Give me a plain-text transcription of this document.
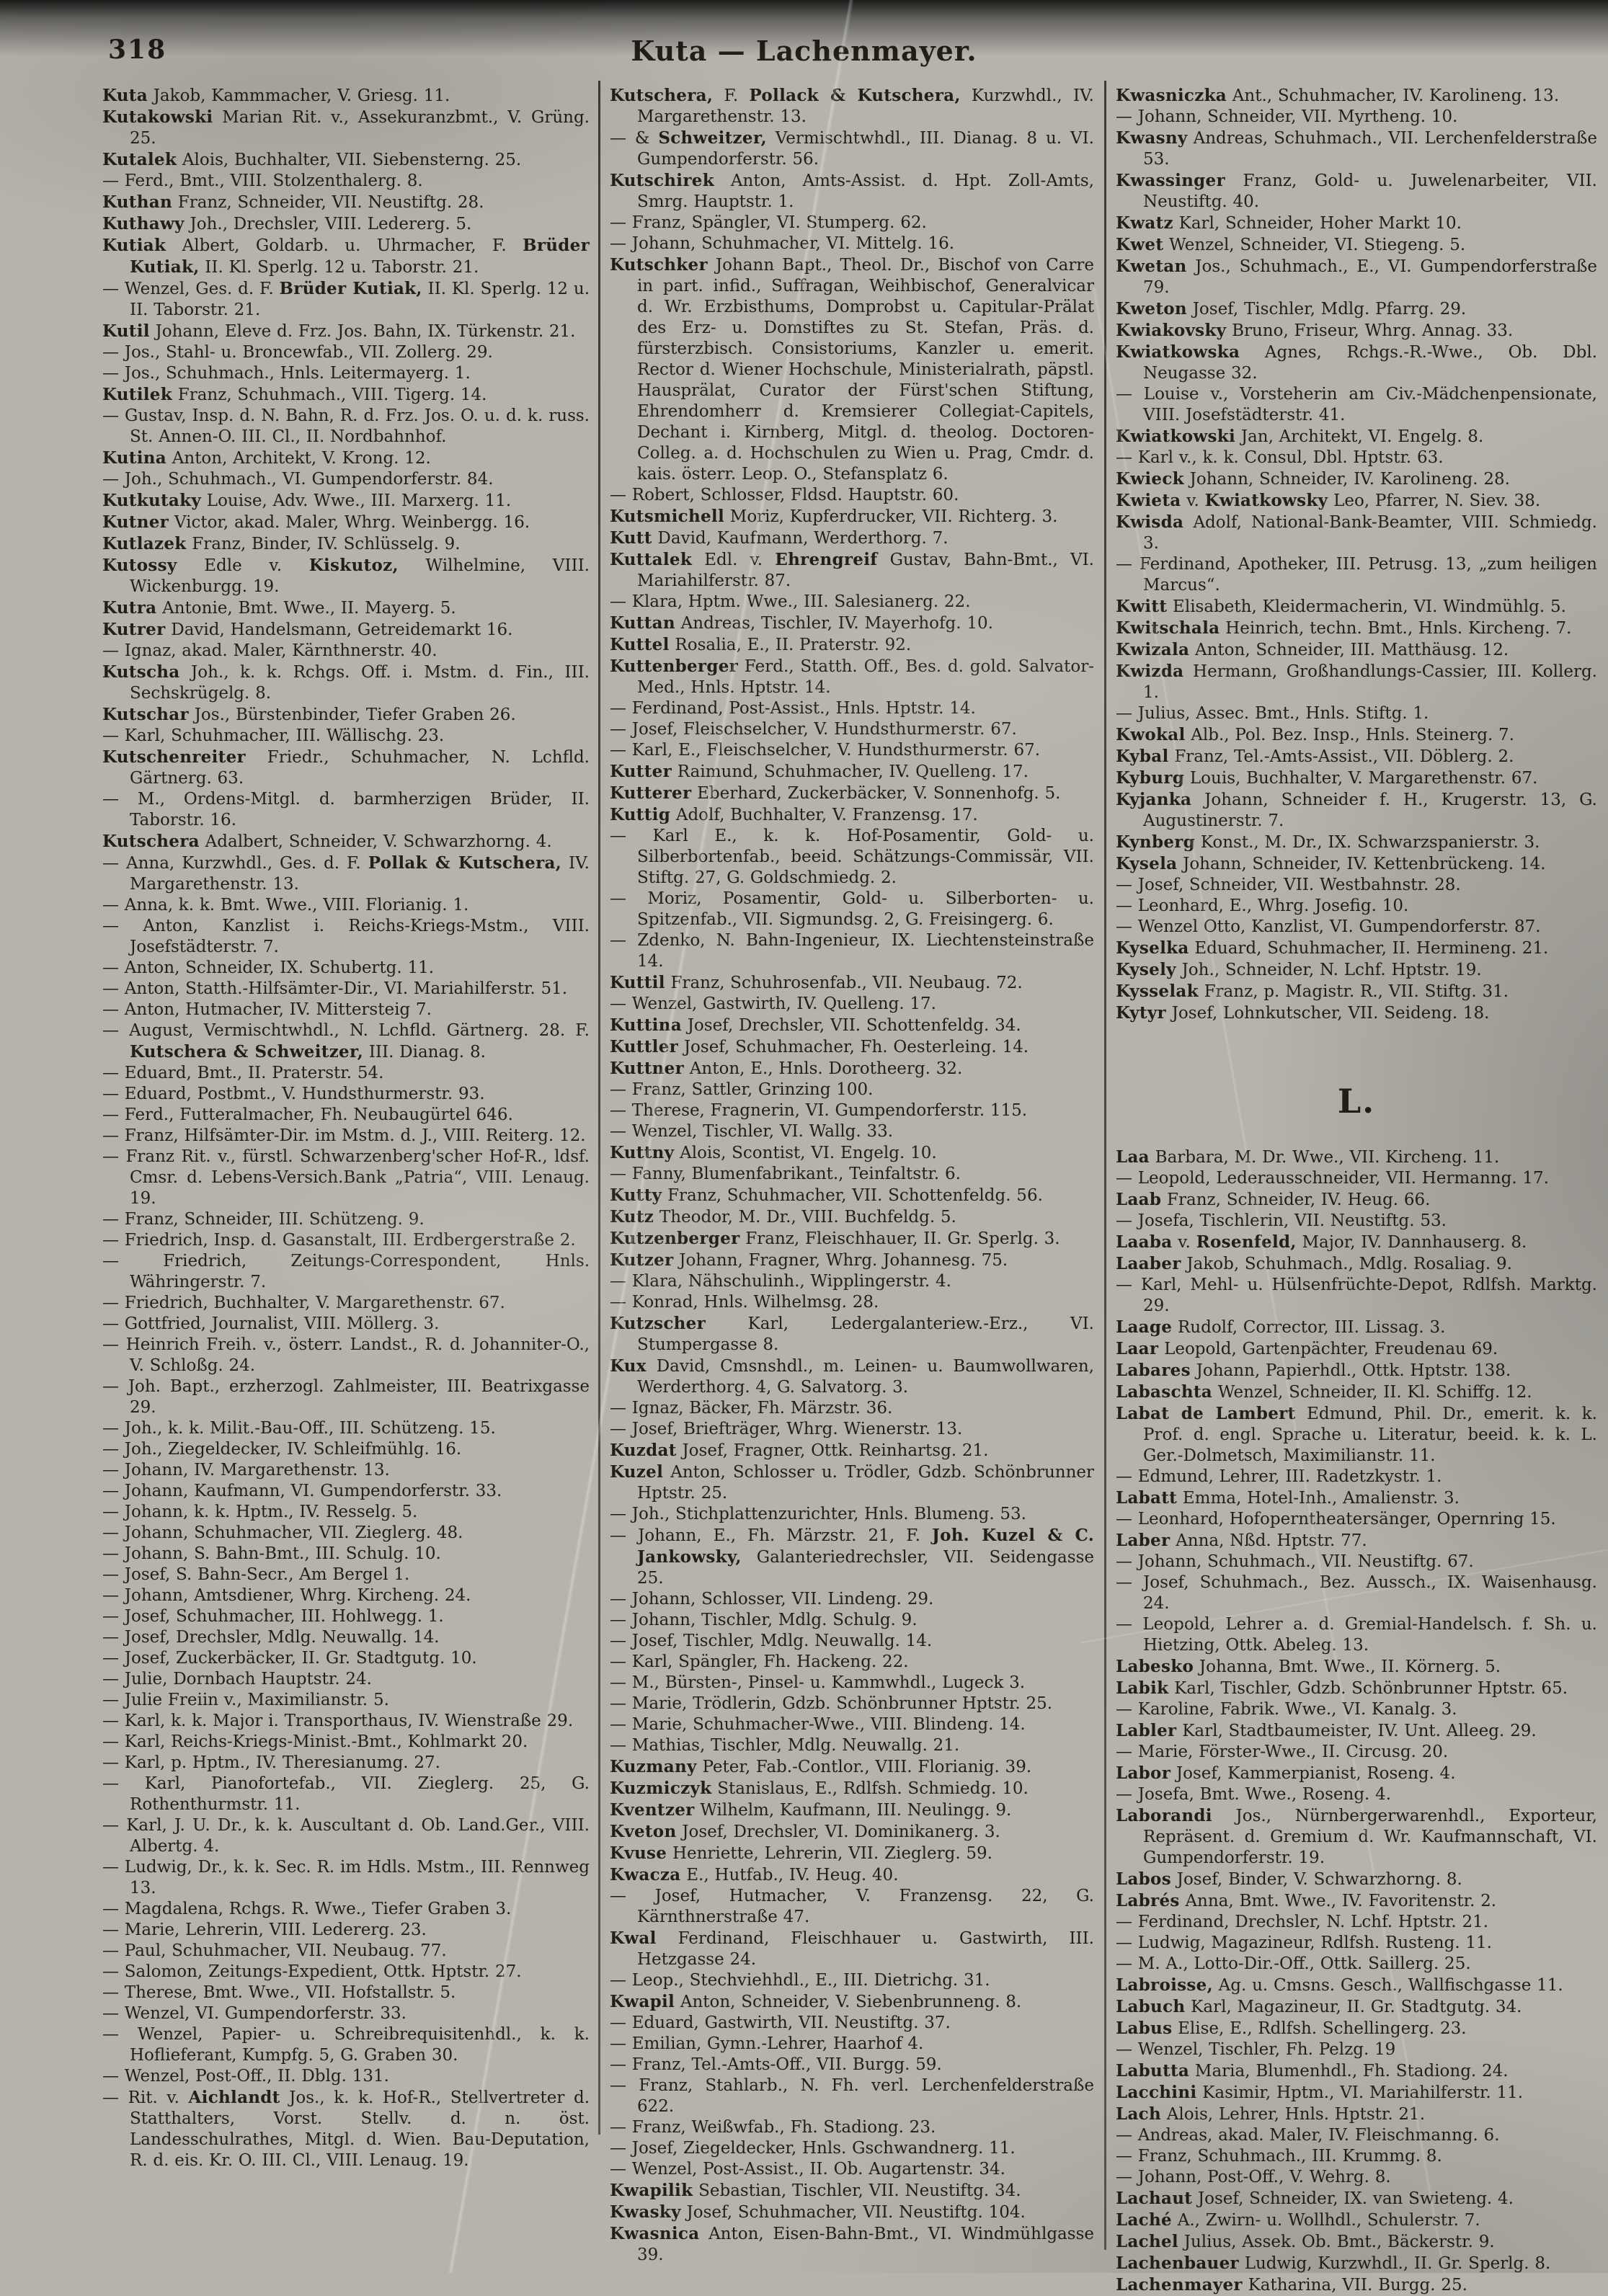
318	Kuta — Lachenmayer.

Kuta Jakob, Kammmacher, V. Griesg. 11.

Kutakowski Marian Rit. v., Assekuranzbmt., V. Grüng. 25.

Kutalek Alois, Buchhalter, VII. Siebensterng. 25.

— Ferd., Bmt., VIII. Stolzenthalerg. 8.

Kuthan Franz, Schneider, VII. Neustiftg. 28.

Kuthawy Joh., Drechsler, VIII. Ledererg. 5.

Kutiak Albert, Goldarb. u. Uhrmacher, F. Brüder Kutiak, II. Kl. Sperlg. 12 u. Taborstr. 21.

— Wenzel, Ges. d. F. Brüder Kutiak, II. Kl. Sperlg. 12 u. II. Taborstr. 21.

Kutil Johann, Eleve d. Frz. Jos. Bahn, IX. Türkenstr. 21.

— Jos., Stahl- u. Broncewfab., VII. Zollerg. 29.

— Jos., Schuhmach., Hnls. Leitermayerg. 1.

Kutilek Franz, Schuhmach., VIII. Tigerg. 14.

— Gustav, Insp. d. N. Bahn, R. d. Frz. Jos. O. u. d. k. russ. St. Annen-O. III. Cl., II. Nordbahnhof.

Kutina Anton, Architekt, V. Krong. 12.

— Joh., Schuhmach., VI. Gumpendorferstr. 84.

Kutkutaky Louise, Adv. Wwe., III. Marxerg. 11.

Kutner Victor, akad. Maler, Whrg. Weinbergg. 16.

Kutlazek Franz, Binder, IV. Schlüsselg. 9.

Kutossy Edle v. Kiskutoz, Wilhelmine, VIII. Wickenburgg. 19.

Kutra Antonie, Bmt. Wwe., II. Mayerg. 5.

Kutrer David, Handelsmann, Getreidemarkt 16.

— Ignaz, akad. Maler, Kärnthnerstr. 40.

Kutscha Joh., k. k. Rchgs. Off. i. Mstm. d. Fin., III. Sechskrügelg. 8.

Kutschar Jos., Bürstenbinder, Tiefer Graben 26.

— Karl, Schuhmacher, III. Wällischg. 23.

Kutschenreiter Friedr., Schuhmacher, N. Lchfld. Gärtnerg. 63.

— M., Ordens-Mitgl. d. barmherzigen Brüder, II. Taborstr. 16.

Kutschera Adalbert, Schneider, V. Schwarzhorng. 4.

— Anna, Kurzwhdl., Ges. d. F. Pollak & Kutschera, IV. Margarethenstr. 13.

— Anna, k. k. Bmt. Wwe., VIII. Florianig. 1.

— Anton, Kanzlist i. Reichs-Kriegs-Mstm., VIII. Josefstädterstr. 7.

— Anton, Schneider, IX. Schubertg. 11.

— Anton, Statth.-Hilfsämter-Dir., VI. Mariahilferstr. 51.

— Anton, Hutmacher, IV. Mittersteig 7.

— August, Vermischtwhdl., N. Lchfld. Gärtnerg. 28. F. Kutschera & Schweitzer, III. Dianag. 8.

— Eduard, Bmt., II. Praterstr. 54.

— Eduard, Postbmt., V. Hundsthurmerstr. 93.

— Ferd., Futteralmacher, Fh. Neubaugürtel 646.

— Franz, Hilfsämter-Dir. im Mstm. d. J., VIII. Reiterg. 12.

— Franz Rit. v., fürstl. Schwarzenberg'scher Hof-R., ldsf. Cmsr. d. Lebens-Versich.Bank „Patria“, VIII. Lenaug. 19.

— Franz, Schneider, III. Schützeng. 9.

— Friedrich, Insp. d. Gasanstalt, III. Erdbergerstraße 2.

— Friedrich, Zeitungs-Correspondent, Hnls. Währingerstr. 7.

— Friedrich, Buchhalter, V. Margarethenstr. 67.

— Gottfried, Journalist, VIII. Möllerg. 3.

— Heinrich Freih. v., österr. Landst., R. d. Johanniter-O., V. Schloßg. 24.

— Joh. Bapt., erzherzogl. Zahlmeister, III. Beatrixgasse 29.

— Joh., k. k. Milit.-Bau-Off., III. Schützeng. 15.

— Joh., Ziegeldecker, IV. Schleifmühlg. 16.

— Johann, IV. Margarethenstr. 13.

— Johann, Kaufmann, VI. Gumpendorferstr. 33.

— Johann, k. k. Hptm., IV. Resselg. 5.

— Johann, Schuhmacher, VII. Zieglerg. 48.

— Johann, S. Bahn-Bmt., III. Schulg. 10.

— Josef, S. Bahn-Secr., Am Bergel 1.

— Johann, Amtsdiener, Whrg. Kircheng. 24.

— Josef, Schuhmacher, III. Hohlwegg. 1.

— Josef, Drechsler, Mdlg. Neuwallg. 14.

— Josef, Zuckerbäcker, II. Gr. Stadtgutg. 10.

— Julie, Dornbach Hauptstr. 24.

— Julie Freiin v., Maximilianstr. 5.

— Karl, k. k. Major i. Transporthaus, IV. Wienstraße 29.

— Karl, Reichs-Kriegs-Minist.-Bmt., Kohlmarkt 20.

— Karl, p. Hptm., IV. Theresianumg. 27.

— Karl, Pianofortefab., VII. Zieglerg. 25, G. Rothenthurmstr. 11.

— Karl, J. U. Dr., k. k. Auscultant d. Ob. Land.Ger., VIII. Albertg. 4.

— Ludwig, Dr., k. k. Sec. R. im Hdls. Mstm., III. Rennweg 13.

— Magdalena, Rchgs. R. Wwe., Tiefer Graben 3.

— Marie, Lehrerin, VIII. Ledererg. 23.

— Paul, Schuhmacher, VII. Neubaug. 77.

— Salomon, Zeitungs-Expedient, Ottk. Hptstr. 27.

— Therese, Bmt. Wwe., VII. Hofstallstr. 5.

— Wenzel, VI. Gumpendorferstr. 33.

— Wenzel, Papier- u. Schreibrequisitenhdl., k. k. Hoflieferant, Kumpfg. 5, G. Graben 30.

— Wenzel, Post-Off., II. Dblg. 131.

— Rit. v. Aichlandt Jos., k. k. Hof-R., Stellvertreter d. Statthalters, Vorst. Stellv. d. n. öst. Landesschulrathes, Mitgl. d. Wien. Bau-Deputation, R. d. eis. Kr. O. III. Cl., VIII. Lenaug. 19.

Kutschera, F. Pollack & Kutschera, Kurzwhdl., IV. Margarethenstr. 13.

— & Schweitzer, Vermischtwhdl., III. Dianag. 8 u. VI. Gumpendorferstr. 56.

Kutschirek Anton, Amts-Assist. d. Hpt. Zoll-Amts, Smrg. Hauptstr. 1.

— Franz, Spängler, VI. Stumperg. 62.

— Johann, Schuhmacher, VI. Mittelg. 16.

Kutschker Johann Bapt., Theol. Dr., Bischof von Carre in part. infid., Suffragan, Weihbischof, Generalvicar d. Wr. Erzbisthums, Domprobst u. Capitular-Prälat des Erz- u. Domstiftes zu St. Stefan, Präs. d. fürsterzbisch. Consistoriums, Kanzler u. emerit. Rector d. Wiener Hochschule, Ministerialrath, päpstl. Hausprälat, Curator der Fürst'schen Stiftung, Ehrendomherr d. Kremsierer Collegiat-Capitels, Dechant i. Kirnberg, Mitgl. d. theolog. Doctoren-Colleg. a. d. Hochschulen zu Wien u. Prag, Cmdr. d. kais. österr. Leop. O., Stefansplatz 6.

— Robert, Schlosser, Fldsd. Hauptstr. 60.

Kutsmichell Moriz, Kupferdrucker, VII. Richterg. 3.

Kutt David, Kaufmann, Werderthorg. 7.

Kuttalek Edl. v. Ehrengreif Gustav, Bahn-Bmt., VI. Mariahilferstr. 87.

— Klara, Hptm. Wwe., III. Salesianerg. 22.

Kuttan Andreas, Tischler, IV. Mayerhofg. 10.

Kuttel Rosalia, E., II. Praterstr. 92.

Kuttenberger Ferd., Statth. Off., Bes. d. gold. Salvator-Med., Hnls. Hptstr. 14.

— Ferdinand, Post-Assist., Hnls. Hptstr. 14.

— Josef, Fleischselcher, V. Hundsthurmerstr. 67.

— Karl, E., Fleischselcher, V. Hundsthurmerstr. 67.

Kutter Raimund, Schuhmacher, IV. Quelleng. 17.

Kutterer Eberhard, Zuckerbäcker, V. Sonnenhofg. 5.

Kuttig Adolf, Buchhalter, V. Franzensg. 17.

— Karl E., k. k. Hof-Posamentir, Gold- u. Silberbortenfab., beeid. Schätzungs-Commissär, VII. Stiftg. 27, G. Goldschmiedg. 2.

— Moriz, Posamentir, Gold- u. Silberborten- u. Spitzenfab., VII. Sigmundsg. 2, G. Freisingerg. 6.

— Zdenko, N. Bahn-Ingenieur, IX. Liechtensteinstraße 14.

Kuttil Franz, Schuhrosenfab., VII. Neubaug. 72.

— Wenzel, Gastwirth, IV. Quelleng. 17.

Kuttina Josef, Drechsler, VII. Schottenfeldg. 34.

Kuttler Josef, Schuhmacher, Fh. Oesterleing. 14.

Kuttner Anton, E., Hnls. Dorotheerg. 32.

— Franz, Sattler, Grinzing 100.

— Therese, Fragnerin, VI. Gumpendorferstr. 115.

— Wenzel, Tischler, VI. Wallg. 33.

Kuttny Alois, Scontist, VI. Engelg. 10.

— Fanny, Blumenfabrikant., Teinfaltstr. 6.

Kutty Franz, Schuhmacher, VII. Schottenfeldg. 56.

Kutz Theodor, M. Dr., VIII. Buchfeldg. 5.

Kutzenberger Franz, Fleischhauer, II. Gr. Sperlg. 3.

Kutzer Johann, Fragner, Whrg. Johannesg. 75.

— Klara, Nähschulinh., Wipplingerstr. 4.

— Konrad, Hnls. Wilhelmsg. 28.

Kutzscher Karl, Ledergalanteriew.-Erz., VI. Stumpergasse 8.

Kux David, Cmsnshdl., m. Leinen- u. Baumwollwaren, Werderthorg. 4, G. Salvatorg. 3.

— Ignaz, Bäcker, Fh. Märzstr. 36.

— Josef, Briefträger, Whrg. Wienerstr. 13.

Kuzdat Josef, Fragner, Ottk. Reinhartsg. 21.

Kuzel Anton, Schlosser u. Trödler, Gdzb. Schönbrunner Hptstr. 25.

— Joh., Stichplattenzurichter, Hnls. Blumeng. 53.

— Johann, E., Fh. Märzstr. 21, F. Joh. Kuzel & C. Jankowsky, Galanteriedrechsler, VII. Seidengasse 25.

— Johann, Schlosser, VII. Lindeng. 29.

— Johann, Tischler, Mdlg. Schulg. 9.

— Josef, Tischler, Mdlg. Neuwallg. 14.

— Karl, Spängler, Fh. Hackeng. 22.

— M., Bürsten-, Pinsel- u. Kammwhdl., Lugeck 3.

— Marie, Trödlerin, Gdzb. Schönbrunner Hptstr. 25.

— Marie, Schuhmacher-Wwe., VIII. Blindeng. 14.

— Mathias, Tischler, Mdlg. Neuwallg. 21.

Kuzmany Peter, Fab.-Contlor., VIII. Florianig. 39.

Kuzmiczyk Stanislaus, E., Rdlfsh. Schmiedg. 10.

Kventzer Wilhelm, Kaufmann, III. Neulingg. 9.

Kveton Josef, Drechsler, VI. Dominikanerg. 3.

Kvuse Henriette, Lehrerin, VII. Zieglerg. 59.

Kwacza E., Hutfab., IV. Heug. 40.

— Josef, Hutmacher, V. Franzensg. 22, G. Kärnthnerstraße 47.

Kwal Ferdinand, Fleischhauer u. Gastwirth, III. Hetzgasse 24.

— Leop., Stechviehhdl., E., III. Dietrichg. 31.

Kwapil Anton, Schneider, V. Siebenbrunneng. 8.

— Eduard, Gastwirth, VII. Neustiftg. 37.

— Emilian, Gymn.-Lehrer, Haarhof 4.

— Franz, Tel.-Amts-Off., VII. Burgg. 59.

— Franz, Stahlarb., N. Fh. verl. Lerchenfelderstraße 622.

— Franz, Weißwfab., Fh. Stadiong. 23.

— Josef, Ziegeldecker, Hnls. Gschwandnerg. 11.

— Wenzel, Post-Assist., II. Ob. Augartenstr. 34.

Kwapilik Sebastian, Tischler, VII. Neustiftg. 34.

Kwasky Josef, Schuhmacher, VII. Neustiftg. 104.

Kwasnica Anton, Eisen-Bahn-Bmt., VI. Windmühlgasse 39.

Kwasniczka Ant., Schuhmacher, IV. Karolineng. 13.

— Johann, Schneider, VII. Myrtheng. 10.

Kwasny Andreas, Schuhmach., VII. Lerchenfelderstraße 53.

Kwassinger Franz, Gold- u. Juwelenarbeiter, VII. Neustiftg. 40.

Kwatz Karl, Schneider, Hoher Markt 10.

Kwet Wenzel, Schneider, VI. Stiegeng. 5.

Kwetan Jos., Schuhmach., E., VI. Gumpendorferstraße 79.

Kweton Josef, Tischler, Mdlg. Pfarrg. 29.

Kwiakovsky Bruno, Friseur, Whrg. Annag. 33.

Kwiatkowska Agnes, Rchgs.-R.-Wwe., Ob. Dbl. Neugasse 32.

— Louise v., Vorsteherin am Civ.-Mädchenpensionate, VIII. Josefstädterstr. 41.

Kwiatkowski Jan, Architekt, VI. Engelg. 8.

— Karl v., k. k. Consul, Dbl. Hptstr. 63.

Kwieck Johann, Schneider, IV. Karolineng. 28.

Kwieta v. Kwiatkowsky Leo, Pfarrer, N. Siev. 38.

Kwisda Adolf, National-Bank-Beamter, VIII. Schmiedg. 3.

— Ferdinand, Apotheker, III. Petrusg. 13, „zum heiligen Marcus“.

Kwitt Elisabeth, Kleidermacherin, VI. Windmühlg. 5.

Kwitschala Heinrich, techn. Bmt., Hnls. Kircheng. 7.

Kwizala Anton, Schneider, III. Matthäusg. 12.

Kwizda Hermann, Großhandlungs-Cassier, III. Kollerg. 1.

— Julius, Assec. Bmt., Hnls. Stiftg. 1.

Kwokal Alb., Pol. Bez. Insp., Hnls. Steinerg. 7.

Kybal Franz, Tel.-Amts-Assist., VII. Döblerg. 2.

Kyburg Louis, Buchhalter, V. Margarethenstr. 67.

Kyjanka Johann, Schneider f. H., Krugerstr. 13, G. Augustinerstr. 7.

Kynberg Konst., M. Dr., IX. Schwarzspanierstr. 3.

Kysela Johann, Schneider, IV. Kettenbrückeng. 14.

— Josef, Schneider, VII. Westbahnstr. 28.

— Leonhard, E., Whrg. Josefig. 10.

— Wenzel Otto, Kanzlist, VI. Gumpendorferstr. 87.

Kyselka Eduard, Schuhmacher, II. Hermineng. 21.

Kysely Joh., Schneider, N. Lchf. Hptstr. 19.

Kysselak Franz, p. Magistr. R., VII. Stiftg. 31.

Kytyr Josef, Lohnkutscher, VII. Seideng. 18.

L.

Laa Barbara, M. Dr. Wwe., VII. Kircheng. 11.

— Leopold, Lederausschneider, VII. Hermanng. 17.

Laab Franz, Schneider, IV. Heug. 66.

— Josefa, Tischlerin, VII. Neustiftg. 53.

Laaba v. Rosenfeld, Major, IV. Dannhauserg. 8.

Laaber Jakob, Schuhmach., Mdlg. Rosaliag. 9.

— Karl, Mehl- u. Hülsenfrüchte-Depot, Rdlfsh. Marktg. 29.

Laage Rudolf, Corrector, III. Lissag. 3.

Laar Leopold, Gartenpächter, Freudenau 69.

Labares Johann, Papierhdl., Ottk. Hptstr. 138.

Labaschta Wenzel, Schneider, II. Kl. Schiffg. 12.

Labat de Lambert Edmund, Phil. Dr., emerit. k. k. Prof. d. engl. Sprache u. Literatur, beeid. k. k. L. Ger.-Dolmetsch, Maximilianstr. 11.

— Edmund, Lehrer, III. Radetzkystr. 1.

Labatt Emma, Hotel-Inh., Amalienstr. 3.

— Leonhard, Hofoperntheatersänger, Opernring 15.

Laber Anna, Nßd. Hptstr. 77.

— Johann, Schuhmach., VII. Neustiftg. 67.

— Josef, Schuhmach., Bez. Aussch., IX. Waisenhausg. 24.

— Leopold, Lehrer a. d. Gremial-Handelsch. f. Sh. u. Hietzing, Ottk. Abeleg. 13.

Labesko Johanna, Bmt. Wwe., II. Körnerg. 5.

Labik Karl, Tischler, Gdzb. Schönbrunner Hptstr. 65.

— Karoline, Fabrik. Wwe., VI. Kanalg. 3.

Labler Karl, Stadtbaumeister, IV. Unt. Alleeg. 29.

— Marie, Förster-Wwe., II. Circusg. 20.

Labor Josef, Kammerpianist, Roseng. 4.

— Josefa, Bmt. Wwe., Roseng. 4.

Laborandi Jos., Nürnbergerwarenhdl., Exporteur, Repräsent. d. Gremium d. Wr. Kaufmannschaft, VI. Gumpendorferstr. 19.

Labos Josef, Binder, V. Schwarzhorng. 8.

Labrés Anna, Bmt. Wwe., IV. Favoritenstr. 2.

— Ferdinand, Drechsler, N. Lchf. Hptstr. 21.

— Ludwig, Magazineur, Rdlfsh. Rusteng. 11.

— M. A., Lotto-Dir.-Off., Ottk. Saillerg. 25.

Labroisse, Ag. u. Cmsns. Gesch., Wallfischgasse 11.

Labuch Karl, Magazineur, II. Gr. Stadtgutg. 34.

Labus Elise, E., Rdlfsh. Schellingerg. 23.

— Wenzel, Tischler, Fh. Pelzg. 19

Labutta Maria, Blumenhdl., Fh. Stadiong. 24.

Lacchini Kasimir, Hptm., VI. Mariahilferstr. 11.

Lach Alois, Lehrer, Hnls. Hptstr. 21.

— Andreas, akad. Maler, IV. Fleischmanng. 6.

— Franz, Schuhmach., III. Krummg. 8.

— Johann, Post-Off., V. Wehrg. 8.

Lachaut Josef, Schneider, IX. van Swieteng. 4.

Laché A., Zwirn- u. Wollhdl., Schulerstr. 7.

Lachel Julius, Assek. Ob. Bmt., Bäckerstr. 9.

Lachenbauer Ludwig, Kurzwhdl., II. Gr. Sperlg. 8.

Lachenmayer Katharina, VII. Burgg. 25.
